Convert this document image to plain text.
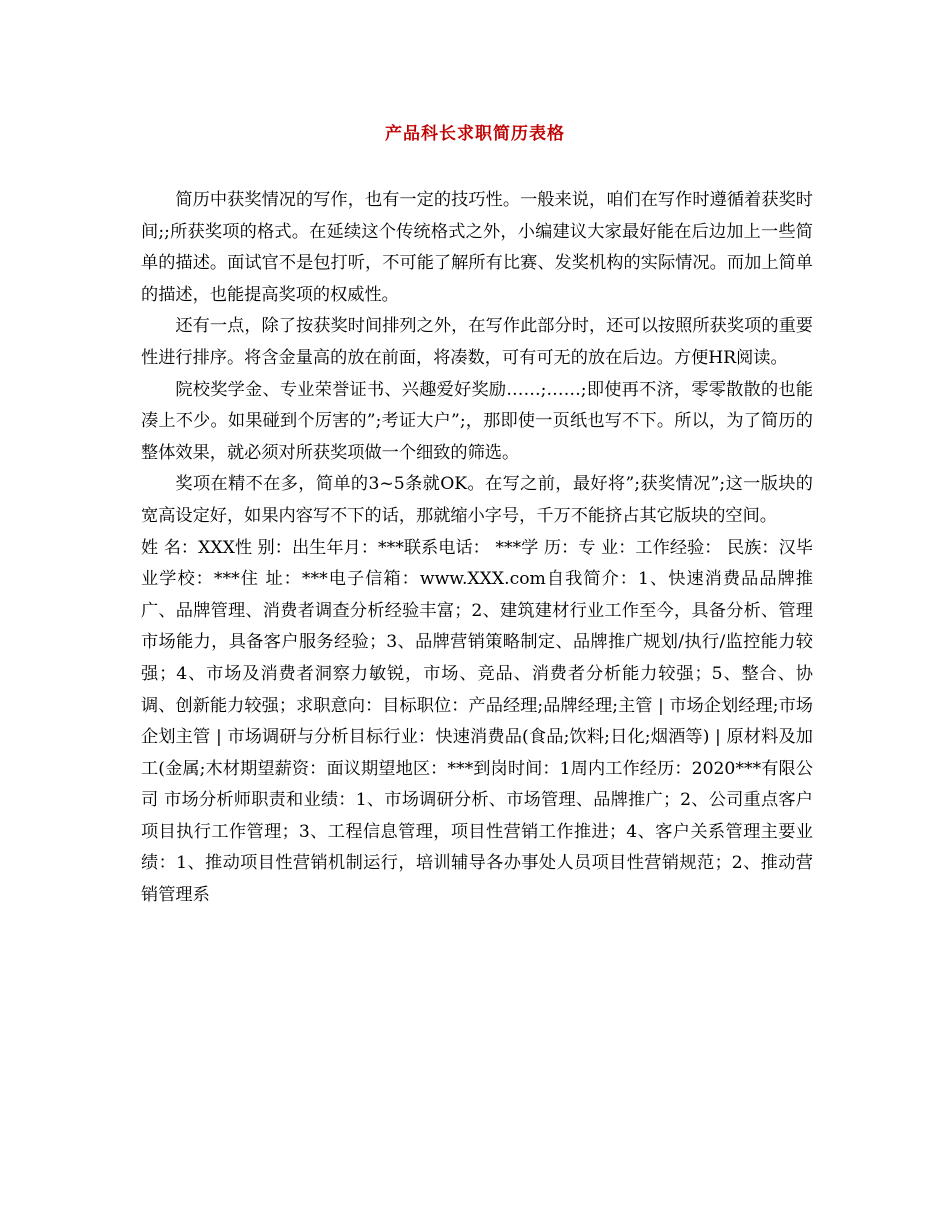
产品科长求职简历表格

简历中获奖情况的写作，也有一定的技巧性。一般来说，咱们在写作时遵循着获奖时间;;所获奖项的格式。在延续这个传统格式之外，小编建议大家最好能在后边加上一些简单的描述。面试官不是包打听，不可能了解所有比赛、发奖机构的实际情况。而加上简单的描述，也能提高奖项的权威性。

还有一点，除了按获奖时间排列之外，在写作此部分时，还可以按照所获奖项的重要性进行排序。将含金量高的放在前面，将凑数，可有可无的放在后边。方便HR阅读。

院校奖学金、专业荣誉证书、兴趣爱好奖励……;……;即使再不济，零零散散的也能凑上不少。如果碰到个厉害的”;考证大户”;，那即使一页纸也写不下。所以，为了简历的整体效果，就必须对所获奖项做一个细致的筛选。

奖项在精不在多，简单的3~5条就OK。在写之前，最好将”;获奖情况”;这一版块的宽高设定好，如果内容写不下的话，那就缩小字号，千万不能挤占其它版块的空间。

姓 名：XXX性 别：出生年月：***联系电话： ***学 历：专 业：工作经验： 民族：汉毕业学校：***住 址：***电子信箱：www.XXX.com自我简介：1、快速消费品品牌推广、品牌管理、消费者调查分析经验丰富；2、建筑建材行业工作至今，具备分析、管理市场能力，具备客户服务经验；3、品牌营销策略制定、品牌推广规划/执行/监控能力较强；4、市场及消费者洞察力敏锐，市场、竞品、消费者分析能力较强；5、整合、协调、创新能力较强；求职意向：目标职位：产品经理;品牌经理;主管 | 市场企划经理;市场企划主管 | 市场调研与分析目标行业：快速消费品(食品;饮料;日化;烟酒等) | 原材料及加工(金属;木材期望薪资：面议期望地区：***到岗时间：1周内工作经历：2020***有限公司 市场分析师职责和业绩：1、市场调研分析、市场管理、品牌推广；2、公司重点客户项目执行工作管理；3、工程信息管理，项目性营销工作推进；4、客户关系管理主要业绩：1、推动项目性营销机制运行，培训辅导各办事处人员项目性营销规范；2、推动营销管理系
